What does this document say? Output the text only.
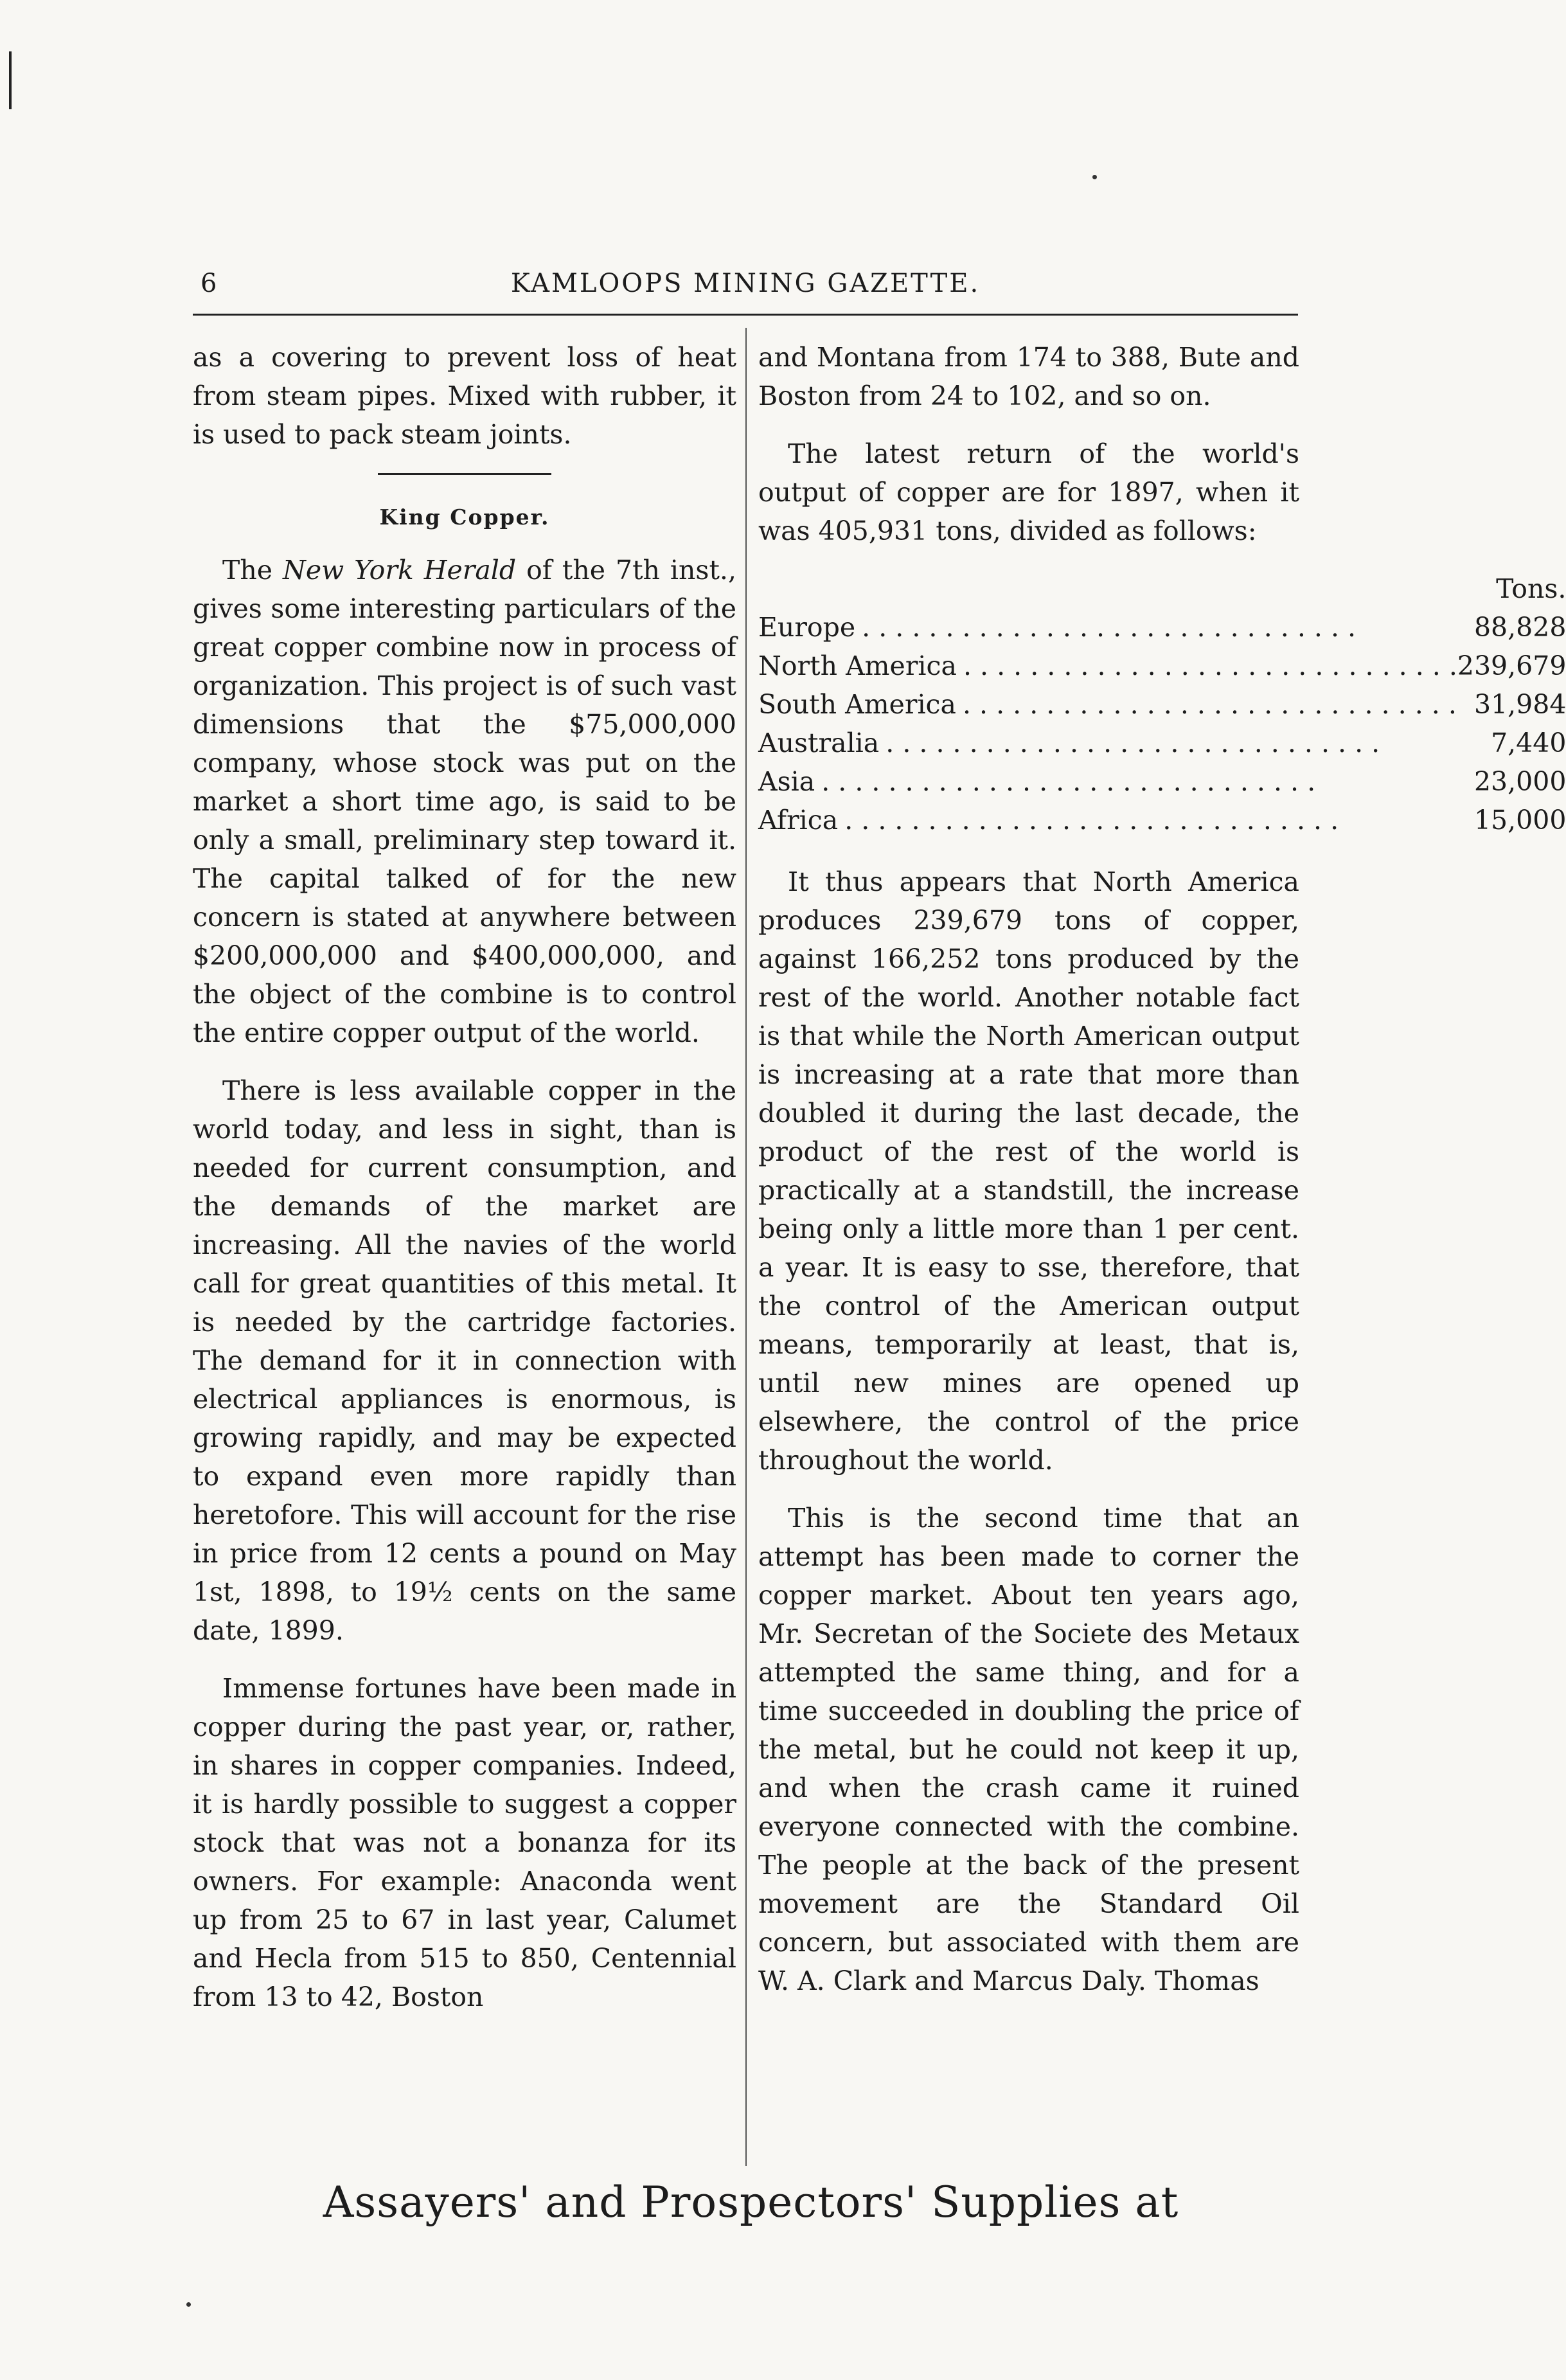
6	KAMLOOPS MINING GAZETTE.

as a covering to prevent loss of heat from steam pipes. Mixed with rubber, it is used to pack steam joints.

King Copper.

The New York Herald of the 7th inst., gives some interesting particulars of the great copper combine now in process of organization. This project is of such vast dimensions that the $75,000,000 company, whose stock was put on the market a short time ago, is said to be only a small, preliminary step toward it. The capital talked of for the new concern is stated at anywhere between $200,000,000 and $400,000,000, and the object of the combine is to control the entire copper output of the world.

There is less available copper in the world today, and less in sight, than is needed for current consumption, and the demands of the market are increasing. All the navies of the world call for great quantities of this metal. It is needed by the cartridge factories. The demand for it in connection with electrical appliances is enormous, is growing rapidly, and may be expected to expand even more rapidly than heretofore. This will account for the rise in price from 12 cents a pound on May 1st, 1898, to 19½ cents on the same date, 1899.

Immense fortunes have been made in copper during the past year, or, rather, in shares in copper companies. Indeed, it is hardly possible to suggest a copper stock that was not a bonanza for its owners. For example: Anaconda went up from 25 to 67 in last year, Calumet and Hecla from 515 to 850, Centennial from 13 to 42, Boston

and Montana from 174 to 388, Bute and Boston from 24 to 102, and so on.

The latest return of the world's output of copper are for 1897, when it was 405,931 tons, divided as follows:

	Tons.

Europe . . . . . . . . . . . . . . . . . . . . . . . . . . . . . .	88,828

North America . . . . . . . . . . . . . . . . . . . . . . . . . . . . . .	239,679

South America . . . . . . . . . . . . . . . . . . . . . . . . . . . . . .	31,984

Australia . . . . . . . . . . . . . . . . . . . . . . . . . . . . . .	7,440

Asia . . . . . . . . . . . . . . . . . . . . . . . . . . . . . .	23,000

Africa . . . . . . . . . . . . . . . . . . . . . . . . . . . . . .	15,000

It thus appears that North America produces 239,679 tons of copper, against 166,252 tons produced by the rest of the world. Another notable fact is that while the North American output is increasing at a rate that more than doubled it during the last decade, the product of the rest of the world is practically at a standstill, the increase being only a little more than 1 per cent. a year. It is easy to sse, therefore, that the control of the American output means, temporarily at least, that is, until new mines are opened up elsewhere, the control of the price throughout the world.

This is the second time that an attempt has been made to corner the copper market. About ten years ago, Mr. Secretan of the Societe des Metaux attempted the same thing, and for a time succeeded in doubling the price of the metal, but he could not keep it up, and when the crash came it ruined everyone connected with the combine. The people at the back of the present movement are the Standard Oil concern, but associated with them are W. A. Clark and Marcus Daly. Thomas

Assayers' and Prospectors' Supplies at
